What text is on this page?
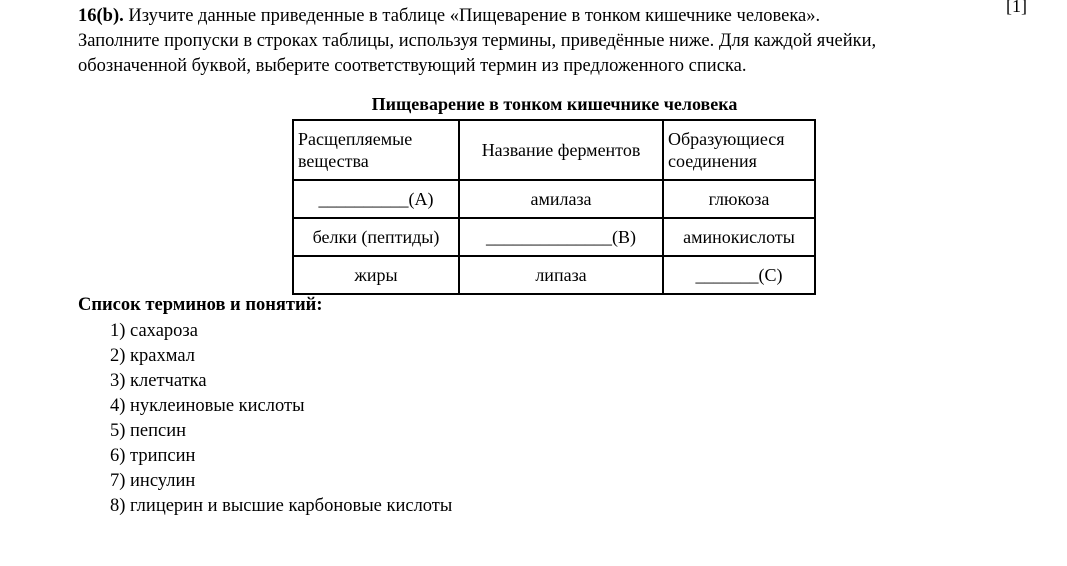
[1]
16(b). Изучите данные приведенные в таблице «Пищеварение в тонком кишечнике человека».
Заполните пропуски в строках таблицы, используя термины, приведённые ниже. Для каждой ячейки,
обозначенной буквой, выберите соответствующий термин из предложенного списка.
Пищеварение в тонком кишечнике человека
Расщепляемые вещества	Название ферментов	Образующиеся соединения
__________(A)	амилаза	глюкоза
белки (пептиды)	______________(B)	аминокислоты
жиры	липаза	_______(C)
Список терминов и понятий:
1) сахароза
2) крахмал
3) клетчатка
4) нуклеиновые кислоты
5) пепсин
6) трипсин
7) инсулин
8) глицерин и высшие карбоновые кислоты
